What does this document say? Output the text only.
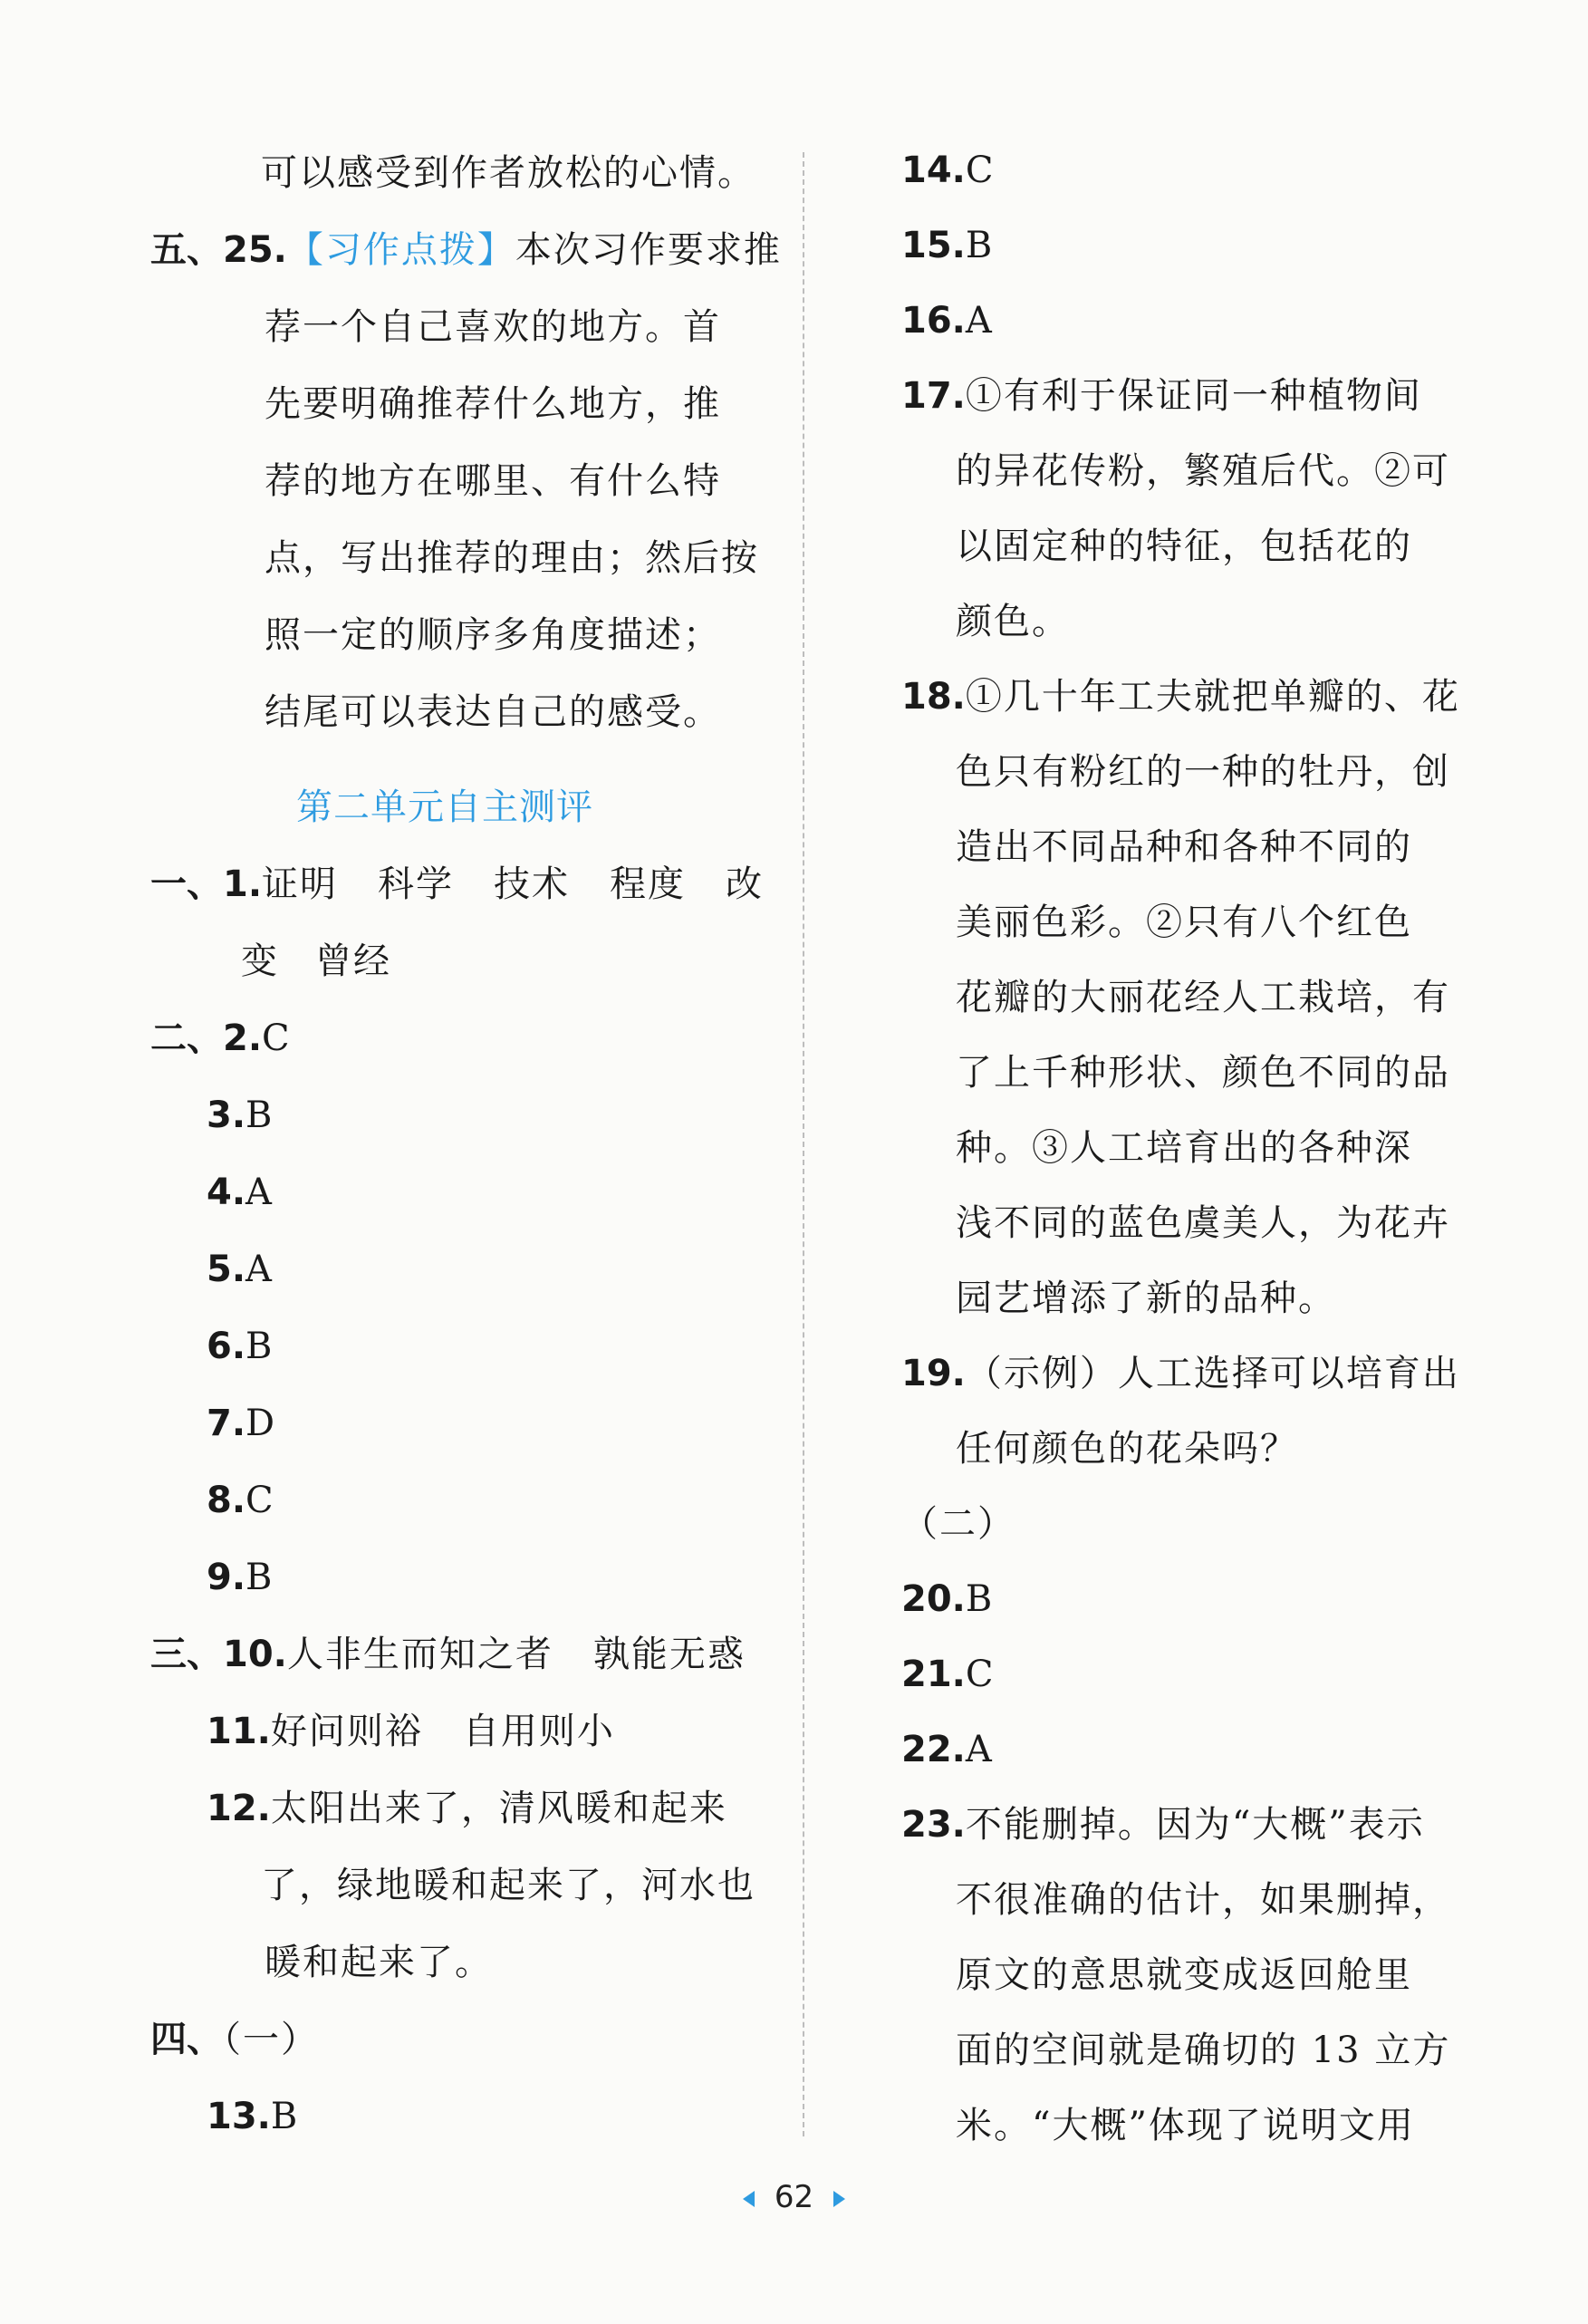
可以感受到作者放松的心情。
五、25.【习作点拨】本次习作要求推
荐一个自己喜欢的地方。首
先要明确推荐什么地方，推
荐的地方在哪里、有什么特
点，写出推荐的理由；然后按
照一定的顺序多角度描述；
结尾可以表达自己的感受。
第二单元自主测评
一、1.证明 科学 技术 程度 改
变 曾经
二、2.C
3.B
4.A
5.A
6.B
7.D
8.C
9.B
三、10.人非生而知之者 孰能无惑
11.好问则裕 自用则小
12.太阳出来了，清风暖和起来
了，绿地暖和起来了，河水也
暖和起来了。
四、（一）
13.B
14.C
15.B
16.A
17.①有利于保证同一种植物间
的异花传粉，繁殖后代。②可
以固定种的特征，包括花的
颜色。
18.①几十年工夫就把单瓣的、花
色只有粉红的一种的牡丹，创
造出不同品种和各种不同的
美丽色彩。②只有八个红色
花瓣的大丽花经人工栽培，有
了上千种形状、颜色不同的品
种。③人工培育出的各种深
浅不同的蓝色虞美人，为花卉
园艺增添了新的品种。
19.（示例）人工选择可以培育出
任何颜色的花朵吗？
（二）
20.B
21.C
22.A
23.不能删掉。因为“大概”表示
不很准确的估计，如果删掉，
原文的意思就变成返回舱里
面的空间就是确切的 13 立方
米。“大概”体现了说明文用
62
